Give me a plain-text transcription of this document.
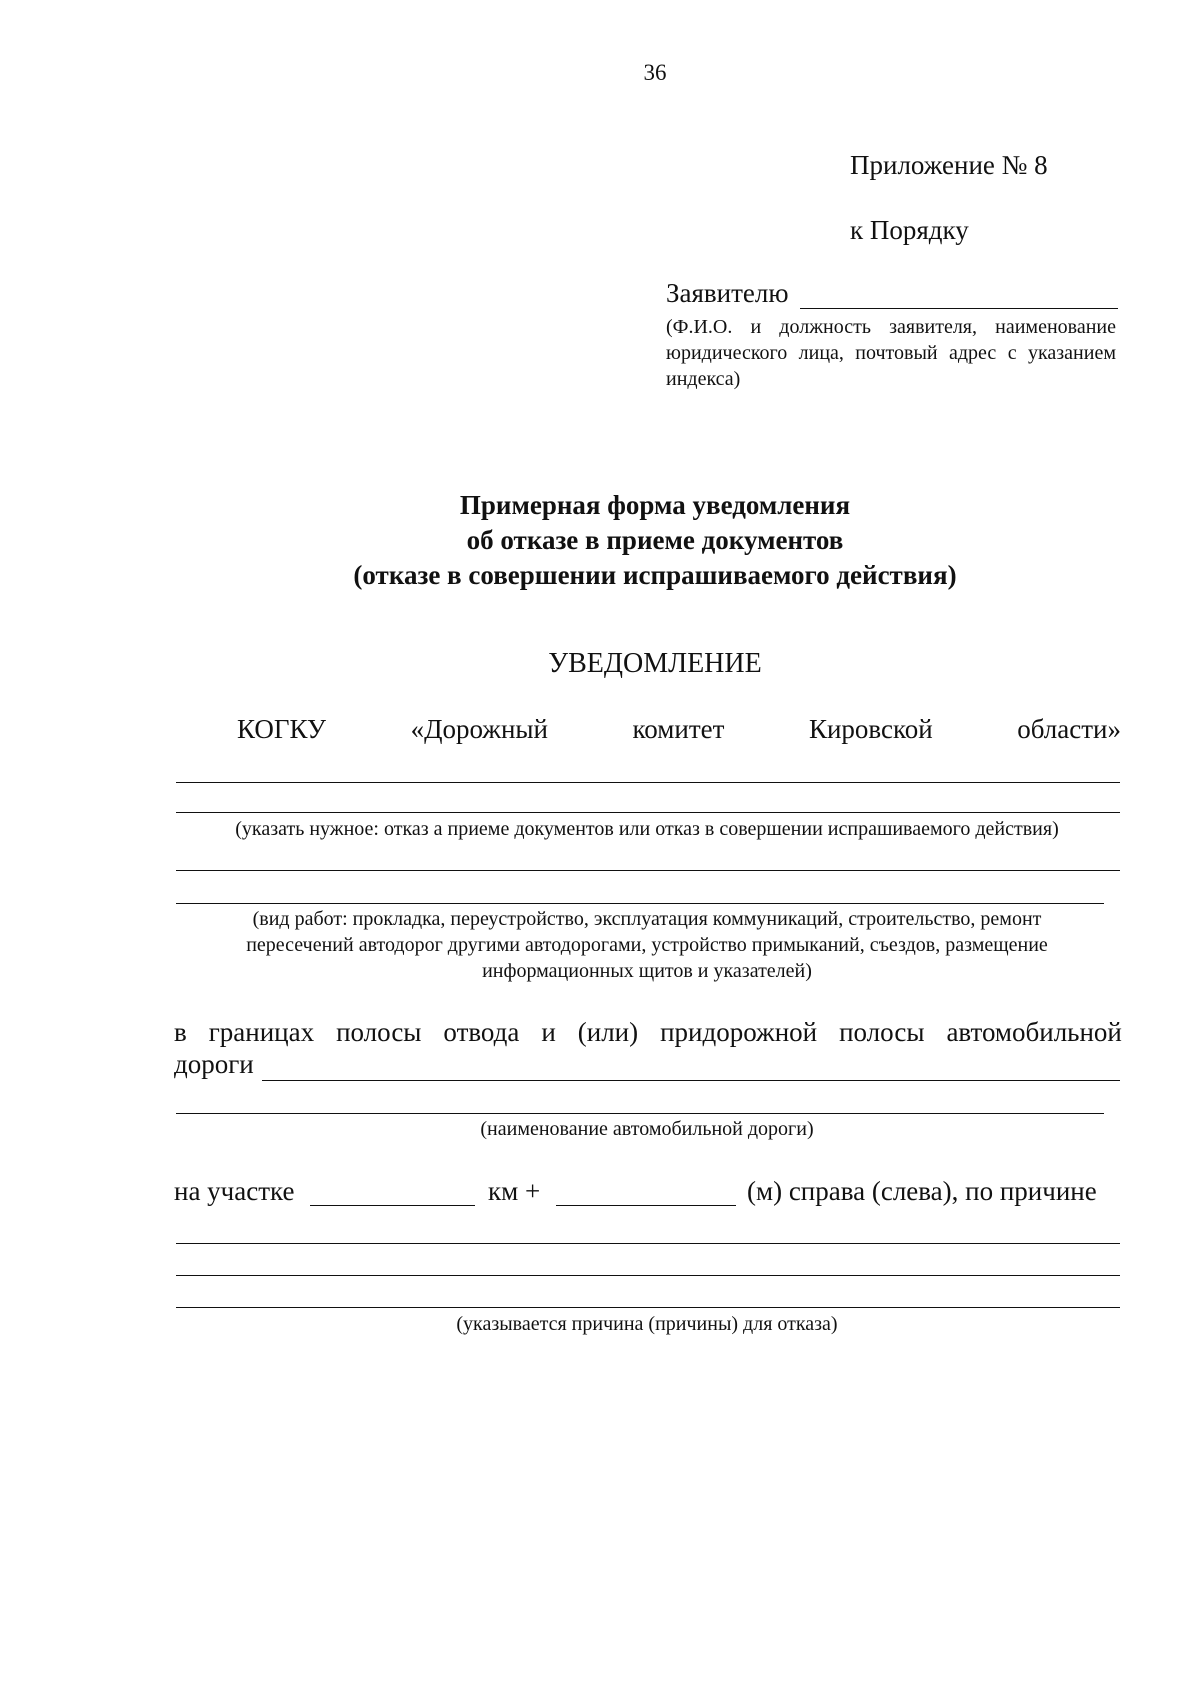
36
Приложение № 8
к Порядку
Заявителю
(Ф.И.О. и должность заявителя, наименование юридического лица, почтовый адрес с указанием индекса)
Примерная форма уведомления
об отказе в приеме документов
(отказе в совершении испрашиваемого действия)
УВЕДОМЛЕНИЕ
КОГКУ	«Дорожный	комитет	Кировской	области»
(указать нужное: отказ а приеме документов или отказ в совершении испрашиваемого действия)
(вид работ: прокладка, переустройство, эксплуатация коммуникаций, строительство, ремонт
пересечений автодорог другими автодорогами, устройство примыканий, съездов, размещение
информационных щитов и указателей)
в границах полосы отвода и (или) придорожной полосы автомобильной
дороги
(наименование автомобильной дороги)
на участке	км +	(м) справа (слева), по причине
(указывается причина (причины) для отказа)
